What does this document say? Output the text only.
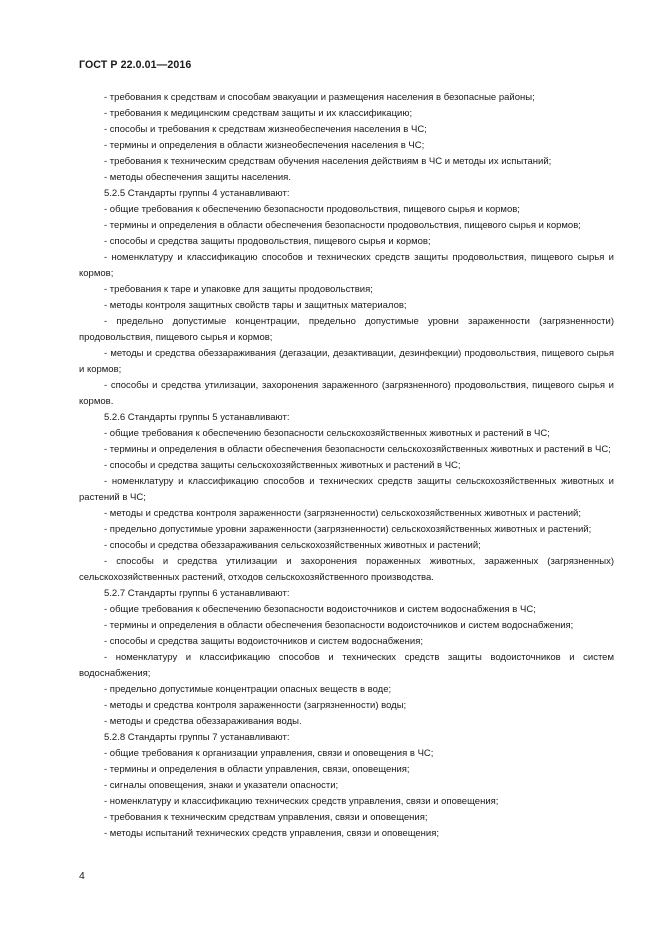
ГОСТ Р 22.0.01—2016

- требования к средствам и способам эвакуации и размещения населения в безопасные районы;

- требования к медицинским средствам защиты и их классификацию;

- способы и требования к средствам жизнеобеспечения населения в ЧС;

- термины и определения в области жизнеобеспечения населения в ЧС;

- требования к техническим средствам обучения населения действиям в ЧС и методы их испытаний;

- методы обеспечения защиты населения.

5.2.5 Стандарты группы 4 устанавливают:

- общие требования к обеспечению безопасности продовольствия, пищевого сырья и кормов;

- термины и определения в области обеспечения безопасности продовольствия, пищевого сырья и кормов;

- способы и средства защиты продовольствия, пищевого сырья и кормов;

- номенклатуру и классификацию способов и технических средств защиты продовольствия, пищевого сырья и кормов;

- требования к таре и упаковке для защиты продовольствия;

- методы контроля защитных свойств тары и защитных материалов;

- предельно допустимые концентрации, предельно допустимые уровни зараженности (загрязненности) продовольствия, пищевого сырья и кормов;

- методы и средства обеззараживания (дегазации, дезактивации, дезинфекции) продовольствия, пищевого сырья и кормов;

- способы и средства утилизации, захоронения зараженного (загрязненного) продовольствия, пищевого сырья и кормов.

5.2.6 Стандарты группы 5 устанавливают:

- общие требования к обеспечению безопасности сельскохозяйственных животных и растений в ЧС;

- термины и определения в области обеспечения безопасности сельскохозяйственных животных и растений в ЧС;

- способы и средства защиты сельскохозяйственных животных и растений в ЧС;

- номенклатуру и классификацию способов и технических средств защиты сельскохозяйственных животных и растений в ЧС;

- методы и средства контроля зараженности (загрязненности) сельскохозяйственных животных и растений;

- предельно допустимые уровни зараженности (загрязненности) сельскохозяйственных животных и растений;

- способы и средства обеззараживания сельскохозяйственных животных и растений;

- способы и средства утилизации и захоронения пораженных животных, зараженных (загрязненных) сельскохозяйственных растений, отходов сельскохозяйственного производства.

5.2.7 Стандарты группы 6 устанавливают:

- общие требования к обеспечению безопасности водоисточников и систем водоснабжения в ЧС;

- термины и определения в области обеспечения безопасности водоисточников и систем водоснабжения;

- способы и средства защиты водоисточников и систем водоснабжения;

- номенклатуру и классификацию способов и технических средств защиты водоисточников и систем водоснабжения;

- предельно допустимые концентрации опасных веществ в воде;

- методы и средства контроля зараженности (загрязненности) воды;

- методы и средства обеззараживания воды.

5.2.8 Стандарты группы 7 устанавливают:

- общие требования к организации управления, связи и оповещения в ЧС;

- термины и определения в области управления, связи, оповещения;

- сигналы оповещения, знаки и указатели опасности;

- номенклатуру и классификацию технических средств управления, связи и оповещения;

- требования к техническим средствам управления, связи и оповещения;

- методы испытаний технических средств управления, связи и оповещения;

4
